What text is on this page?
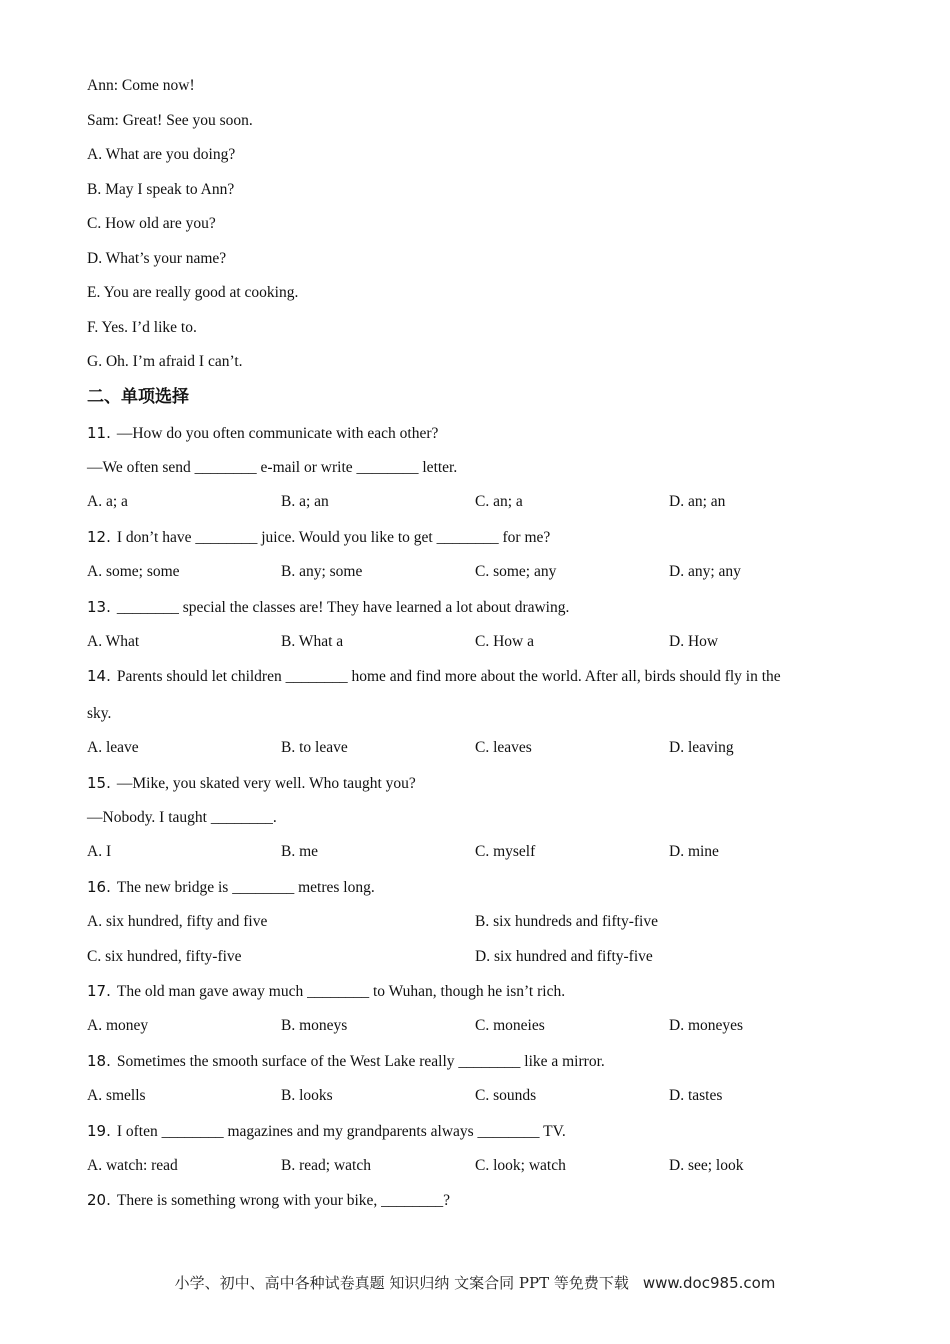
Ann: Come now!
Sam: Great! See you soon.
A. What are you doing?
B. May I speak to Ann?
C. How old are you?
D. What’s your name?
E. You are really good at cooking.
F. Yes. I’d like to.
G. Oh. I’m afraid I can’t.
二、单项选择
11. —How do you often communicate with each other?
—We often send ________ e-mail or write ________ letter.
A. a; a	B. a; an	C. an; a	D. an; an
12. I don’t have ________ juice. Would you like to get ________ for me?
A. some; some	B. any; some	C. some; any	D. any; any
13. ________ special the classes are! They have learned a lot about drawing.
A. What	B. What a	C. How a	D. How
14. Parents should let children ________ home and find more about the world. After all, birds should fly in the
sky.
A. leave	B. to leave	C. leaves	D. leaving
15. —Mike, you skated very well. Who taught you?
—Nobody. I taught ________.
A. I	B. me	C. myself	D. mine
16. The new bridge is ________ metres long.
A. six hundred, fifty and five	B. six hundreds and fifty-five
C. six hundred, fifty-five	D. six hundred and fifty-five
17. The old man gave away much ________ to Wuhan, though he isn’t rich.
A. money	B. moneys	C. moneies	D. moneyes
18. Sometimes the smooth surface of the West Lake really ________ like a mirror.
A. smells	B. looks	C. sounds	D. tastes
19. I often ________ magazines and my grandparents always ________ TV.
A. watch: read	B. read; watch	C. look; watch	D. see; look
20. There is something wrong with your bike, ________?
小学、初中、高中各种试卷真题 知识归纳 文案合同 PPT 等免费下载 www.doc985.com
